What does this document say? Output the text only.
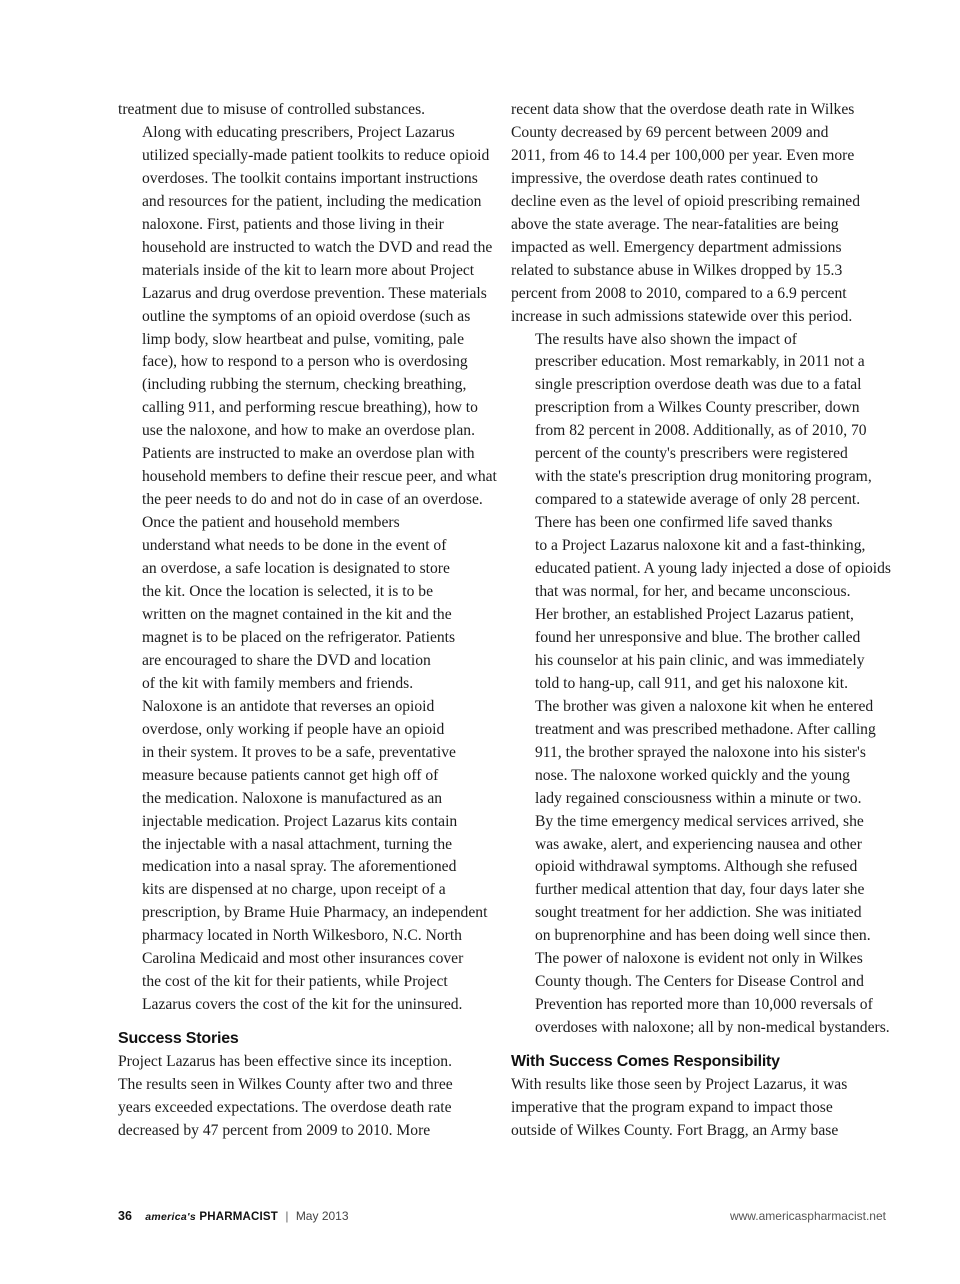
treatment due to misuse of controlled substances.

Along with educating prescribers, Project Lazarus
utilized specially-made patient toolkits to reduce opioid
overdoses. The toolkit contains important instructions
and resources for the patient, including the medication
naloxone. First, patients and those living in their
household are instructed to watch the DVD and read the
materials inside of the kit to learn more about Project
Lazarus and drug overdose prevention. These materials
outline the symptoms of an opioid overdose (such as
limp body, slow heartbeat and pulse, vomiting, pale
face), how to respond to a person who is overdosing
(including rubbing the sternum, checking breathing,
calling 911, and performing rescue breathing), how to
use the naloxone, and how to make an overdose plan.
Patients are instructed to make an overdose plan with
household members to define their rescue peer, and what
the peer needs to do and not do in case of an overdose.

Once the patient and household members
understand what needs to be done in the event of
an overdose, a safe location is designated to store
the kit. Once the location is selected, it is to be
written on the magnet contained in the kit and the
magnet is to be placed on the refrigerator. Patients
are encouraged to share the DVD and location
of the kit with family members and friends.

Naloxone is an antidote that reverses an opioid
overdose, only working if people have an opioid
in their system. It proves to be a safe, preventative
measure because patients cannot get high off of
the medication. Naloxone is manufactured as an
injectable medication. Project Lazarus kits contain
the injectable with a nasal attachment, turning the
medication into a nasal spray. The aforementioned
kits are dispensed at no charge, upon receipt of a
prescription, by Brame Huie Pharmacy, an independent
pharmacy located in North Wilkesboro, N.C. North
Carolina Medicaid and most other insurances cover
the cost of the kit for their patients, while Project
Lazarus covers the cost of the kit for the uninsured.

Success Stories

Project Lazarus has been effective since its inception.
The results seen in Wilkes County after two and three
years exceeded expectations. The overdose death rate
decreased by 47 percent from 2009 to 2010. More

recent data show that the overdose death rate in Wilkes
County decreased by 69 percent between 2009 and
2011, from 46 to 14.4 per 100,000 per year. Even more
impressive, the overdose death rates continued to
decline even as the level of opioid prescribing remained
above the state average. The near-fatalities are being
impacted as well. Emergency department admissions
related to substance abuse in Wilkes dropped by 15.3
percent from 2008 to 2010, compared to a 6.9 percent
increase in such admissions statewide over this period.

The results have also shown the impact of
prescriber education. Most remarkably, in 2011 not a
single prescription overdose death was due to a fatal
prescription from a Wilkes County prescriber, down
from 82 percent in 2008. Additionally, as of 2010, 70
percent of the county's prescribers were registered
with the state's prescription drug monitoring program,
compared to a statewide average of only 28 percent.

There has been one confirmed life saved thanks
to a Project Lazarus naloxone kit and a fast-thinking,
educated patient. A young lady injected a dose of opioids
that was normal, for her, and became unconscious.
Her brother, an established Project Lazarus patient,
found her unresponsive and blue. The brother called
his counselor at his pain clinic, and was immediately
told to hang-up, call 911, and get his naloxone kit.
The brother was given a naloxone kit when he entered
treatment and was prescribed methadone. After calling
911, the brother sprayed the naloxone into his sister's
nose. The naloxone worked quickly and the young
lady regained consciousness within a minute or two.
By the time emergency medical services arrived, she
was awake, alert, and experiencing nausea and other
opioid withdrawal symptoms. Although she refused
further medical attention that day, four days later she
sought treatment for her addiction. She was initiated
on buprenorphine and has been doing well since then.

The power of naloxone is evident not only in Wilkes
County though. The Centers for Disease Control and
Prevention has reported more than 10,000 reversals of
overdoses with naloxone; all by non-medical bystanders.

With Success Comes Responsibility

With results like those seen by Project Lazarus, it was
imperative that the program expand to impact those
outside of Wilkes County. Fort Bragg, an Army base

36 america's PHARMACIST | May 2013	www.americaspharmacist.net
